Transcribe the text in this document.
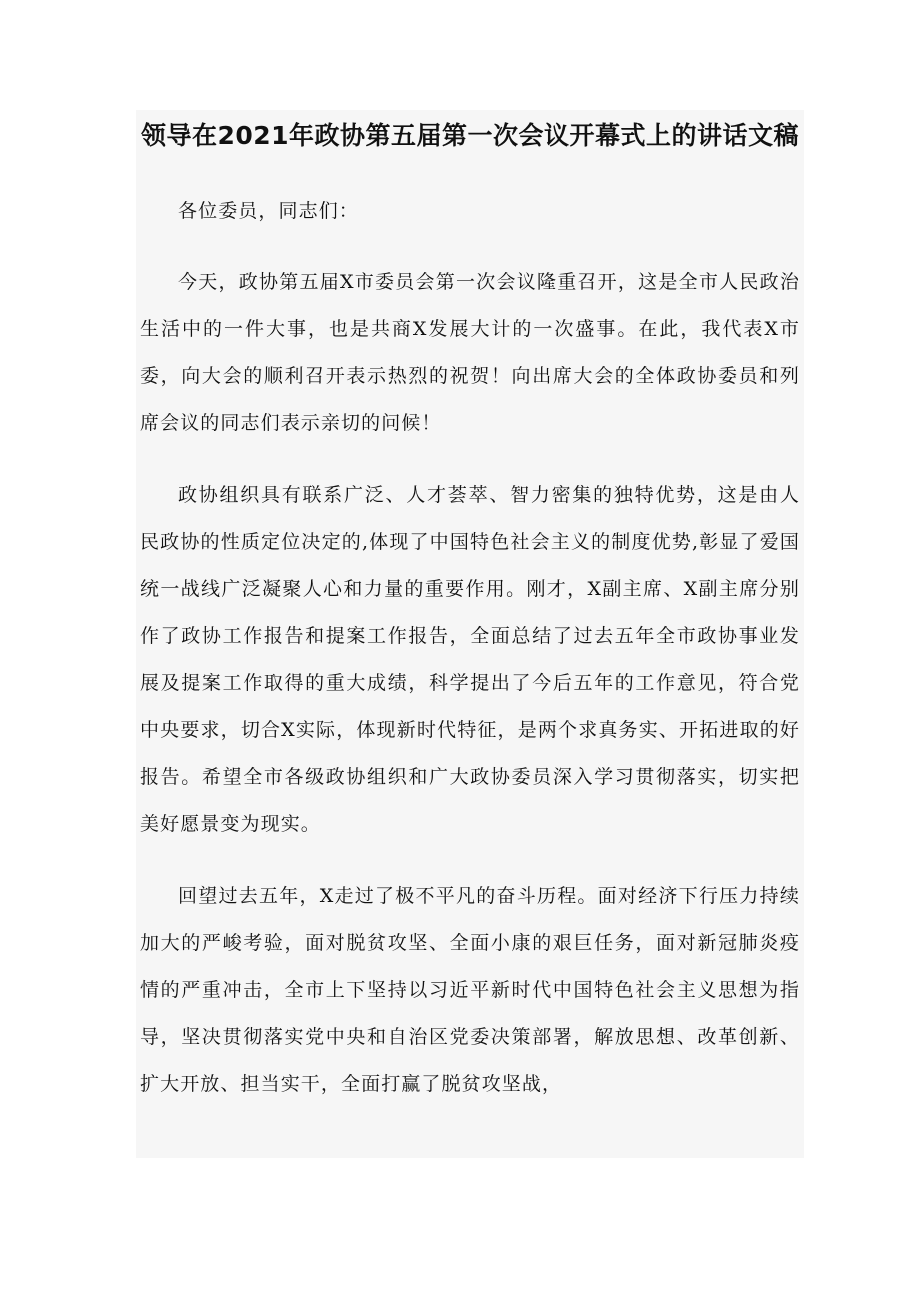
领导在2021年政协第五届第一次会议开幕式上的讲话文稿

各位委员，同志们：

今天，政协第五届X市委员会第一次会议隆重召开，这是全市人民政治生活中的一件大事，也是共商X发展大计的一次盛事。在此，我代表X市委，向大会的顺利召开表示热烈的祝贺！向出席大会的全体政协委员和列席会议的同志们表示亲切的问候！

政协组织具有联系广泛、人才荟萃、智力密集的独特优势，这是由人民政协的性质定位决定的,体现了中国特色社会主义的制度优势,彰显了爱国统一战线广泛凝聚人心和力量的重要作用。刚才，X副主席、X副主席分别作了政协工作报告和提案工作报告，全面总结了过去五年全市政协事业发展及提案工作取得的重大成绩，科学提出了今后五年的工作意见，符合党中央要求，切合X实际，体现新时代特征，是两个求真务实、开拓进取的好报告。希望全市各级政协组织和广大政协委员深入学习贯彻落实，切实把美好愿景变为现实。

回望过去五年，X走过了极不平凡的奋斗历程。面对经济下行压力持续加大的严峻考验，面对脱贫攻坚、全面小康的艰巨任务，面对新冠肺炎疫情的严重冲击，全市上下坚持以习近平新时代中国特色社会主义思想为指导，坚决贯彻落实党中央和自治区党委决策部署，解放思想、改革创新、扩大开放、担当实干，全面打赢了脱贫攻坚战，
